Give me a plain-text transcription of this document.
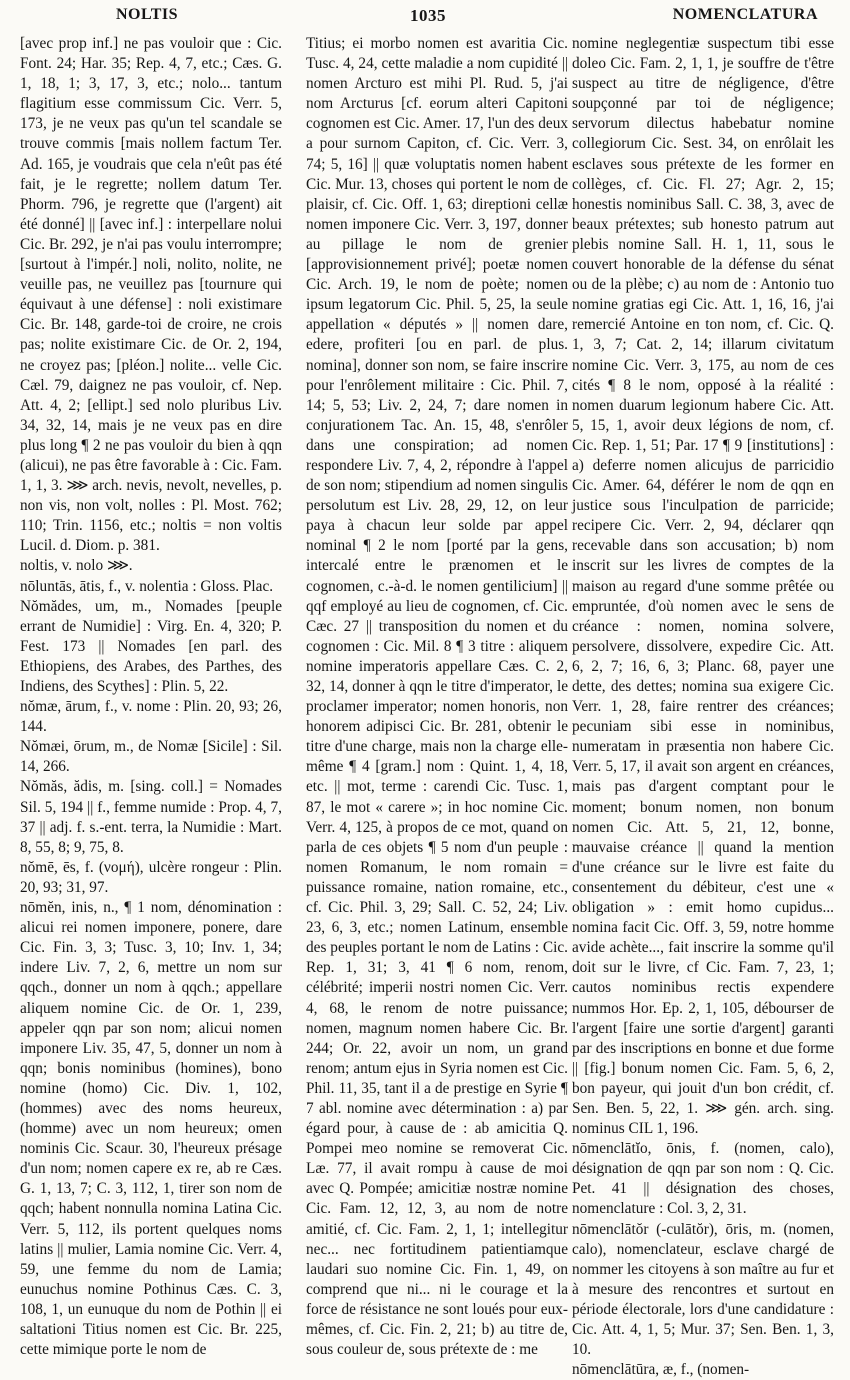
NOLTIS	1035	NOMENCLATURA

[avec prop inf.] ne pas vouloir que : Cic. Font. 24; Har. 35; Rep. 4, 7, etc.; Cæs. G. 1, 18, 1; 3, 17, 3, etc.; nolo... tantum flagitium esse commissum Cic. Verr. 5, 173, je ne veux pas qu'un tel scandale se trouve commis [mais nollem factum Ter. Ad. 165, je voudrais que cela n'eût pas été fait, je le regrette; nollem datum Ter. Phorm. 796, je regrette que (l'argent) ait été donné] || [avec inf.] : interpellare nolui Cic. Br. 292, je n'ai pas voulu interrompre; [surtout à l'impér.] noli, nolito, nolite, ne veuille pas, ne veuillez pas [tournure qui équivaut à une défense] : noli existimare Cic. Br. 148, garde-toi de croire, ne crois pas; nolite existimare Cic. de Or. 2, 194, ne croyez pas; [pléon.] nolite... velle Cic. Cæl. 79, daignez ne pas vouloir, cf. Nep. Att. 4, 2; [ellipt.] sed nolo pluribus Liv. 34, 32, 14, mais je ne veux pas en dire plus long ¶ 2 ne pas vouloir du bien à qqn (alicui), ne pas être favorable à : Cic. Fam. 1, 1, 3. ⋙ arch. nevis, nevolt, nevelles, p. non vis, non volt, nolles : Pl. Most. 762; 110; Trin. 1156, etc.; noltis = non voltis Lucil. d. Diom. p. 381.

noltis, v. nolo ⋙.

nōluntās, ātis, f., v. nolentia : Gloss. Plac.

Nŏmădes, um, m., Nomades [peuple errant de Numidie] : Virg. En. 4, 320; P. Fest. 173 || Nomades [en parl. des Ethiopiens, des Arabes, des Parthes, des Indiens, des Scythes] : Plin. 5, 22.

nŏmæ, ārum, f., v. nome : Plin. 20, 93; 26, 144.

Nŏmæi, ōrum, m., de Nomæ [Sicile] : Sil. 14, 266.

Nŏmăs, ădis, m. [sing. coll.] = Nomades Sil. 5, 194 || f., femme numide : Prop. 4, 7, 37 || adj. f. s.-ent. terra, la Numidie : Mart. 8, 55, 8; 9, 75, 8.

nŏmē, ēs, f. (νομή), ulcère rongeur : Plin. 20, 93; 31, 97.

nōmĕn, inis, n., ¶ 1 nom, dénomination : alicui rei nomen imponere, ponere, dare Cic. Fin. 3, 3; Tusc. 3, 10; Inv. 1, 34; indere Liv. 7, 2, 6, mettre un nom sur qqch., donner un nom à qqch.; appellare aliquem nomine Cic. de Or. 1, 239, appeler qqn par son nom; alicui nomen imponere Liv. 35, 47, 5, donner un nom à qqn; bonis nominibus (homines), bono nomine (homo) Cic. Div. 1, 102, (hommes) avec des noms heureux, (homme) avec un nom heureux; omen nominis Cic. Scaur. 30, l'heureux présage d'un nom; nomen capere ex re, ab re Cæs. G. 1, 13, 7; C. 3, 112, 1, tirer son nom de qqch; habent nonnulla nomina Latina Cic. Verr. 5, 112, ils portent quelques noms latins || mulier, Lamia nomine Cic. Verr. 4, 59, une femme du nom de Lamia; eunuchus nomine Pothinus Cæs. C. 3, 108, 1, un eunuque du nom de Pothin || ei saltationi Titius nomen est Cic. Br. 225, cette mimique porte le nom de

Titius; ei morbo nomen est avaritia Cic. Tusc. 4, 24, cette maladie a nom cupidité || nomen Arcturo est mihi Pl. Rud. 5, j'ai nom Arcturus [cf. eorum alteri Capitoni cognomen est Cic. Amer. 17, l'un des deux a pour surnom Capiton, cf. Cic. Verr. 3, 74; 5, 16] || quæ voluptatis nomen habent Cic. Mur. 13, choses qui portent le nom de plaisir, cf. Cic. Off. 1, 63; direptioni cellæ nomen imponere Cic. Verr. 3, 197, donner au pillage le nom de grenier [approvisionnement privé]; poetæ nomen Cic. Arch. 19, le nom de poète; nomen ipsum legatorum Cic. Phil. 5, 25, la seule appellation « députés » || nomen dare, edere, profiteri [ou en parl. de plus. nomina], donner son nom, se faire inscrire pour l'enrôlement militaire : Cic. Phil. 7, 14; 5, 53; Liv. 2, 24, 7; dare nomen in conjurationem Tac. An. 15, 48, s'enrôler dans une conspiration; ad nomen respondere Liv. 7, 4, 2, répondre à l'appel de son nom; stipendium ad nomen singulis persolutum est Liv. 28, 29, 12, on leur paya à chacun leur solde par appel nominal ¶ 2 le nom [porté par la gens, intercalé entre le prænomen et le cognomen, c.-à-d. le nomen gentilicium] || qqf employé au lieu de cognomen, cf. Cic. Cæc. 27 || transposition du nomen et du cognomen : Cic. Mil. 8 ¶ 3 titre : aliquem nomine imperatoris appellare Cæs. C. 2, 32, 14, donner à qqn le titre d'imperator, le proclamer imperator; nomen honoris, non honorem adipisci Cic. Br. 281, obtenir le titre d'une charge, mais non la charge elle-même ¶ 4 [gram.] nom : Quint. 1, 4, 18, etc. || mot, terme : carendi Cic. Tusc. 1, 87, le mot « carere »; in hoc nomine Cic. Verr. 4, 125, à propos de ce mot, quand on parla de ces objets ¶ 5 nom d'un peuple : nomen Romanum, le nom romain = puissance romaine, nation romaine, etc., cf. Cic. Phil. 3, 29; Sall. C. 52, 24; Liv. 23, 6, 3, etc.; nomen Latinum, ensemble des peuples portant le nom de Latins : Cic. Rep. 1, 31; 3, 41 ¶ 6 nom, renom, célébrité; imperii nostri nomen Cic. Verr. 4, 68, le renom de notre puissance; nomen, magnum nomen habere Cic. Br. 244; Or. 22, avoir un nom, un grand renom; antum ejus in Syria nomen est Cic. Phil. 11, 35, tant il a de prestige en Syrie ¶ 7 abl. nomine avec détermination : a) par égard pour, à cause de : ab amicitia Q. Pompei meo nomine se removerat Cic. Læ. 77, il avait rompu à cause de moi avec Q. Pompée; amicitiæ nostræ nomine Cic. Fam. 12, 12, 3, au nom de notre amitié, cf. Cic. Fam. 2, 1, 1; intellegitur nec... nec fortitudinem patientiamque laudari suo nomine Cic. Fin. 1, 49, on comprend que ni... ni le courage et la force de résistance ne sont loués pour eux-mêmes, cf. Cic. Fin. 2, 21; b) au titre de, sous couleur de, sous prétexte de : me

nomine neglegentiæ suspectum tibi esse doleo Cic. Fam. 2, 1, 1, je souffre de t'être suspect au titre de négligence, d'être soupçonné par toi de négligence; servorum dilectus habebatur nomine collegiorum Cic. Sest. 34, on enrôlait les esclaves sous prétexte de les former en collèges, cf. Cic. Fl. 27; Agr. 2, 15; honestis nominibus Sall. C. 38, 3, avec de beaux prétextes; sub honesto patrum aut plebis nomine Sall. H. 1, 11, sous le couvert honorable de la défense du sénat ou de la plèbe; c) au nom de : Antonio tuo nomine gratias egi Cic. Att. 1, 16, 16, j'ai remercié Antoine en ton nom, cf. Cic. Q. 1, 3, 7; Cat. 2, 14; illarum civitatum nomine Cic. Verr. 3, 175, au nom de ces cités ¶ 8 le nom, opposé à la réalité : nomen duarum legionum habere Cic. Att. 5, 15, 1, avoir deux légions de nom, cf. Cic. Rep. 1, 51; Par. 17 ¶ 9 [institutions] : a) deferre nomen alicujus de parricidio Cic. Amer. 64, déférer le nom de qqn en justice sous l'inculpation de parricide; recipere Cic. Verr. 2, 94, déclarer qqn recevable dans son accusation; b) nom inscrit sur les livres de comptes de la maison au regard d'une somme prêtée ou empruntée, d'où nomen avec le sens de créance : nomen, nomina solvere, persolvere, dissolvere, expedire Cic. Att. 6, 2, 7; 16, 6, 3; Planc. 68, payer une dette, des dettes; nomina sua exigere Cic. Verr. 1, 28, faire rentrer des créances; pecuniam sibi esse in nominibus, numeratam in præsentia non habere Cic. Verr. 5, 17, il avait son argent en créances, mais pas d'argent comptant pour le moment; bonum nomen, non bonum nomen Cic. Att. 5, 21, 12, bonne, mauvaise créance || quand la mention d'une créance sur le livre est faite du consentement du débiteur, c'est une « obligation » : emit homo cupidus... nomina facit Cic. Off. 3, 59, notre homme avide achète..., fait inscrire la somme qu'il doit sur le livre, cf Cic. Fam. 7, 23, 1; cautos nominibus rectis expendere nummos Hor. Ep. 2, 1, 105, débourser de l'argent [faire une sortie d'argent] garanti par des inscriptions en bonne et due forme || [fig.] bonum nomen Cic. Fam. 5, 6, 2, bon payeur, qui jouit d'un bon crédit, cf. Sen. Ben. 5, 22, 1. ⋙ gén. arch. sing. nominus CIL 1, 196.

nōmenclātĭo, ōnis, f. (nomen, calo), désignation de qqn par son nom : Q. Cic. Pet. 41 || désignation des choses, nomenclature : Col. 3, 2, 31.

nōmenclātŏr (-culātŏr), ōris, m. (nomen, calo), nomenclateur, esclave chargé de nommer les citoyens à son maître au fur et à mesure des rencontres et surtout en période électorale, lors d'une candidature : Cic. Att. 4, 1, 5; Mur. 37; Sen. Ben. 1, 3, 10.

nōmenclātūra, æ, f., (nomen-
